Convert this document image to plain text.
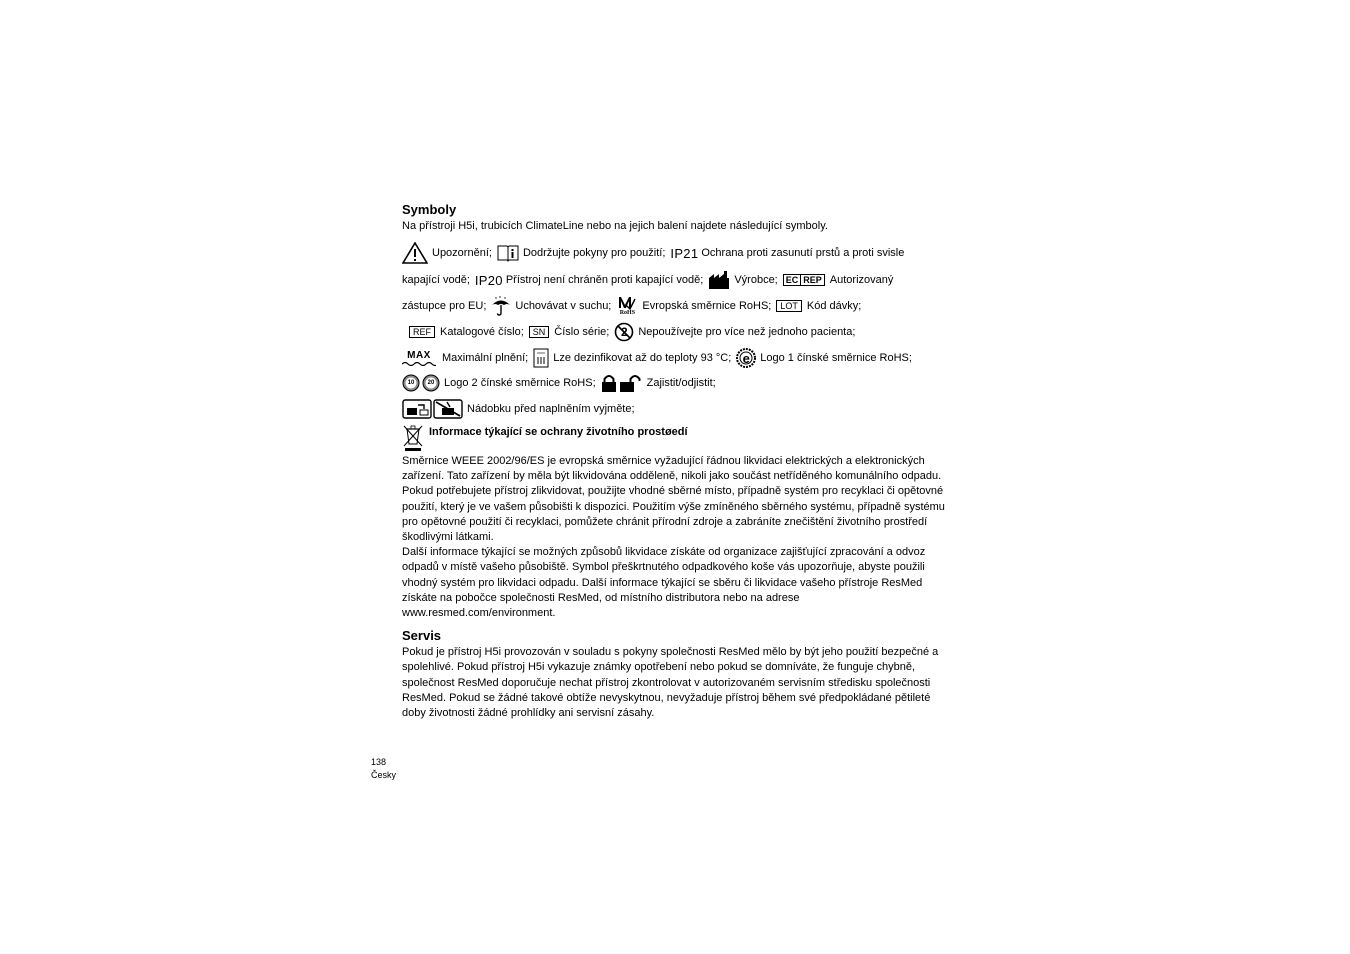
Symboly

Na přístroji H5i, trubicích ClimateLine nebo na jejich balení najdete následující symboly.

Upozornění;	Dodržujte pokyny pro použití; IP21 Ochrana proti zasunutí prstů a proti svisle
kapající vodě; IP20 Přístroj není chráněn proti kapající vodě;	Výrobce; EC REP Autorizovaný
zástupce pro EU;	Uchovávat v suchu;
RoHS
Evropská směrnice RoHS;	LOT Kód dávky;
REF Katalogové číslo;	SN Číslo série; 2 Nepoužívejte pro více než jednoho pacienta;
MAX Maximální plnění; Lze dezinfikovat až do teploty 93 °C; e Logo 1 čínské směrnice RoHS;
10 20 Logo 2 čínské směrnice RoHS;	Zajistit/odjistit;
Nádobku před naplněním vyjměte;
Informace týkající se ochrany životního prostøedí

Směrnice WEEE 2002/96/ES je evropská směrnice vyžadující řádnou likvidaci elektrických a elektronických zařízení. Tato zařízení by měla být likvidována odděleně, nikoli jako součást netříděného komunálního odpadu. Pokud potřebujete přístroj zlikvidovat, použijte vhodné sběrné místo, případně systém pro recyklaci či opětovné použití, který je ve vašem působišti k dispozici. Použitím výše zmíněného sběrného systému, případně systému pro opětovné použití či recyklaci, pomůžete chránit přírodní zdroje a zabráníte znečištění životního prostředí škodlivými látkami.

Další informace týkající se možných způsobů likvidace získáte od organizace zajišťující zpracování a odvoz odpadů v místě vašeho působiště. Symbol přeškrtnutého odpadkového koše vás upozorňuje, abyste použili vhodný systém pro likvidaci odpadu. Další informace týkající se sběru či likvidace vašeho přístroje ResMed získáte na pobočce společnosti ResMed, od místního distributora nebo na adrese www.resmed.com/environment.

Servis

Pokud je přístroj H5i provozován v souladu s pokyny společnosti ResMed mělo by být jeho použití bezpečné a spolehlivé. Pokud přístroj H5i vykazuje známky opotřebení nebo pokud se domníváte, že funguje chybně, společnost ResMed doporučuje nechat přístroj zkontrolovat v autorizovaném servisním středisku společnosti ResMed. Pokud se žádné takové obtíže nevyskytnou, nevyžaduje přístroj během své předpokládané pětileté doby životnosti žádné prohlídky ani servisní zásahy.

138
Česky
